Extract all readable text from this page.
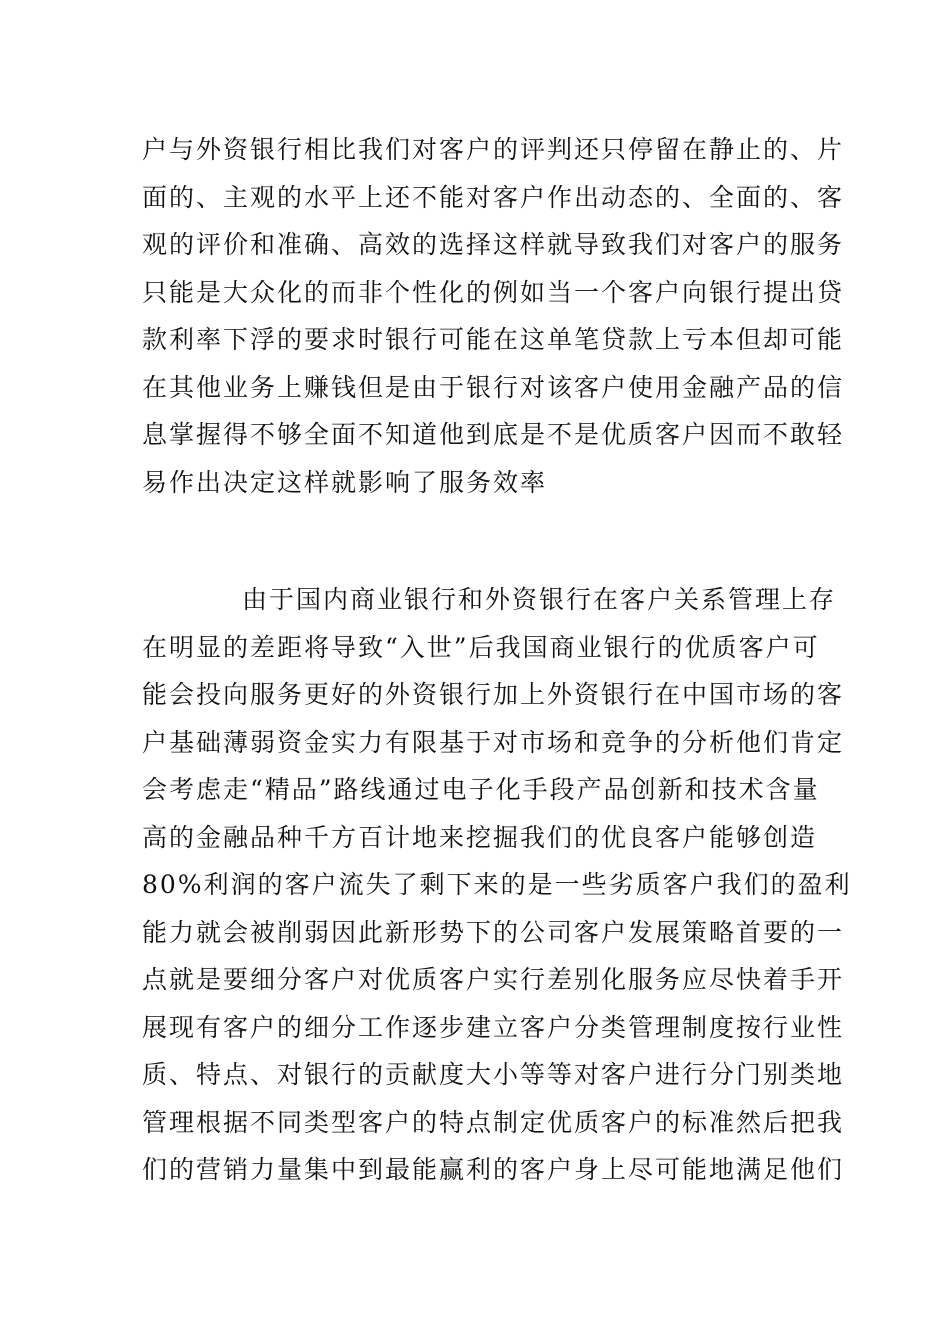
户与外资银行相比我们对客户的评判还只停留在静止的、片
面的、主观的水平上还不能对客户作出动态的、全面的、客
观的评价和准确、高效的选择这样就导致我们对客户的服务
只能是大众化的而非个性化的例如当一个客户向银行提出贷
款利率下浮的要求时银行可能在这单笔贷款上亏本但却可能
在其他业务上赚钱但是由于银行对该客户使用金融产品的信
息掌握得不够全面不知道他到底是不是优质客户因而不敢轻
易作出决定这样就影响了服务效率
由于国内商业银行和外资银行在客户关系管理上存
在明显的差距将导致“入世”后我国商业银行的优质客户可
能会投向服务更好的外资银行加上外资银行在中国市场的客
户基础薄弱资金实力有限基于对市场和竞争的分析他们肯定
会考虑走“精品”路线通过电子化手段产品创新和技术含量
高的金融品种千方百计地来挖掘我们的优良客户能够创造
80%利润的客户流失了剩下来的是一些劣质客户我们的盈利
能力就会被削弱因此新形势下的公司客户发展策略首要的一
点就是要细分客户对优质客户实行差别化服务应尽快着手开
展现有客户的细分工作逐步建立客户分类管理制度按行业性
质、特点、对银行的贡献度大小等等对客户进行分门别类地
管理根据不同类型客户的特点制定优质客户的标准然后把我
们的营销力量集中到最能赢利的客户身上尽可能地满足他们
